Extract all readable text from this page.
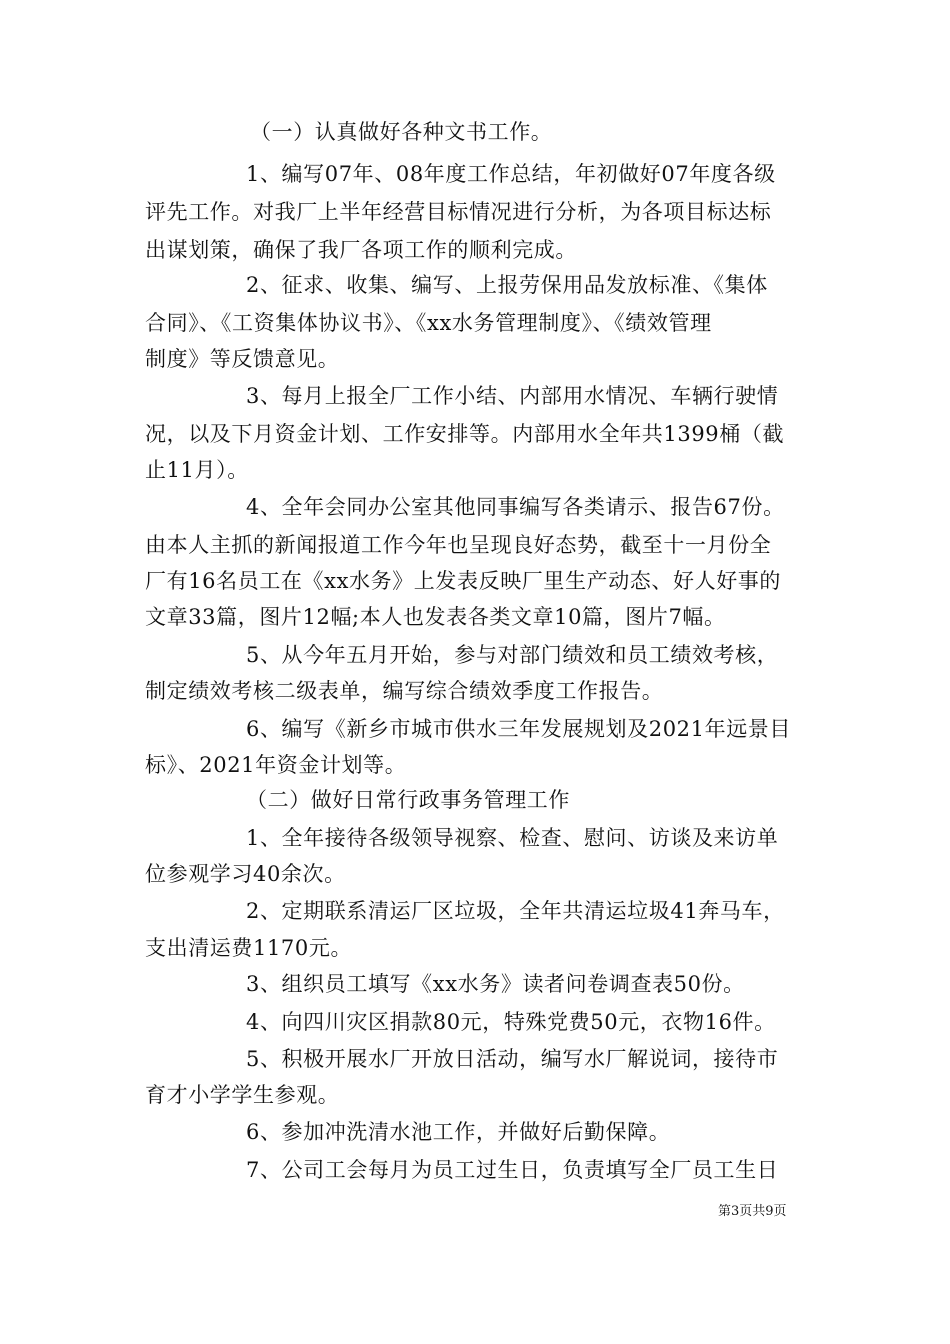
（一）认真做好各种文书工作。
1、编写07年、08年度工作总结，年初做好07年度各级
评先工作。对我厂上半年经营目标情况进行分析，为各项目标达标
出谋划策，确保了我厂各项工作的顺利完成。
2、征求、收集、编写、上报劳保用品发放标准、《集体
合同》、《工资集体协议书》、《xx水务管理制度》、《绩效管理
制度》等反馈意见。
3、每月上报全厂工作小结、内部用水情况、车辆行驶情
况，以及下月资金计划、工作安排等。内部用水全年共1399桶（截
止11月）。
4、全年会同办公室其他同事编写各类请示、报告67份。
由本人主抓的新闻报道工作今年也呈现良好态势，截至十一月份全
厂有16名员工在《xx水务》上发表反映厂里生产动态、好人好事的
文章33篇，图片12幅;本人也发表各类文章10篇，图片7幅。
5、从今年五月开始，参与对部门绩效和员工绩效考核，
制定绩效考核二级表单，编写综合绩效季度工作报告。
6、编写《新乡市城市供水三年发展规划及2021年远景目
标》、2021年资金计划等。
（二）做好日常行政事务管理工作
1、全年接待各级领导视察、检查、慰问、访谈及来访单
位参观学习40余次。
2、定期联系清运厂区垃圾，全年共清运垃圾41奔马车，
支出清运费1170元。
3、组织员工填写《xx水务》读者问卷调查表50份。
4、向四川灾区捐款80元，特殊党费50元，衣物16件。
5、积极开展水厂开放日活动，编写水厂解说词，接待市
育才小学学生参观。
6、参加冲洗清水池工作，并做好后勤保障。
7、公司工会每月为员工过生日，负责填写全厂员工生日
第3页共9页
